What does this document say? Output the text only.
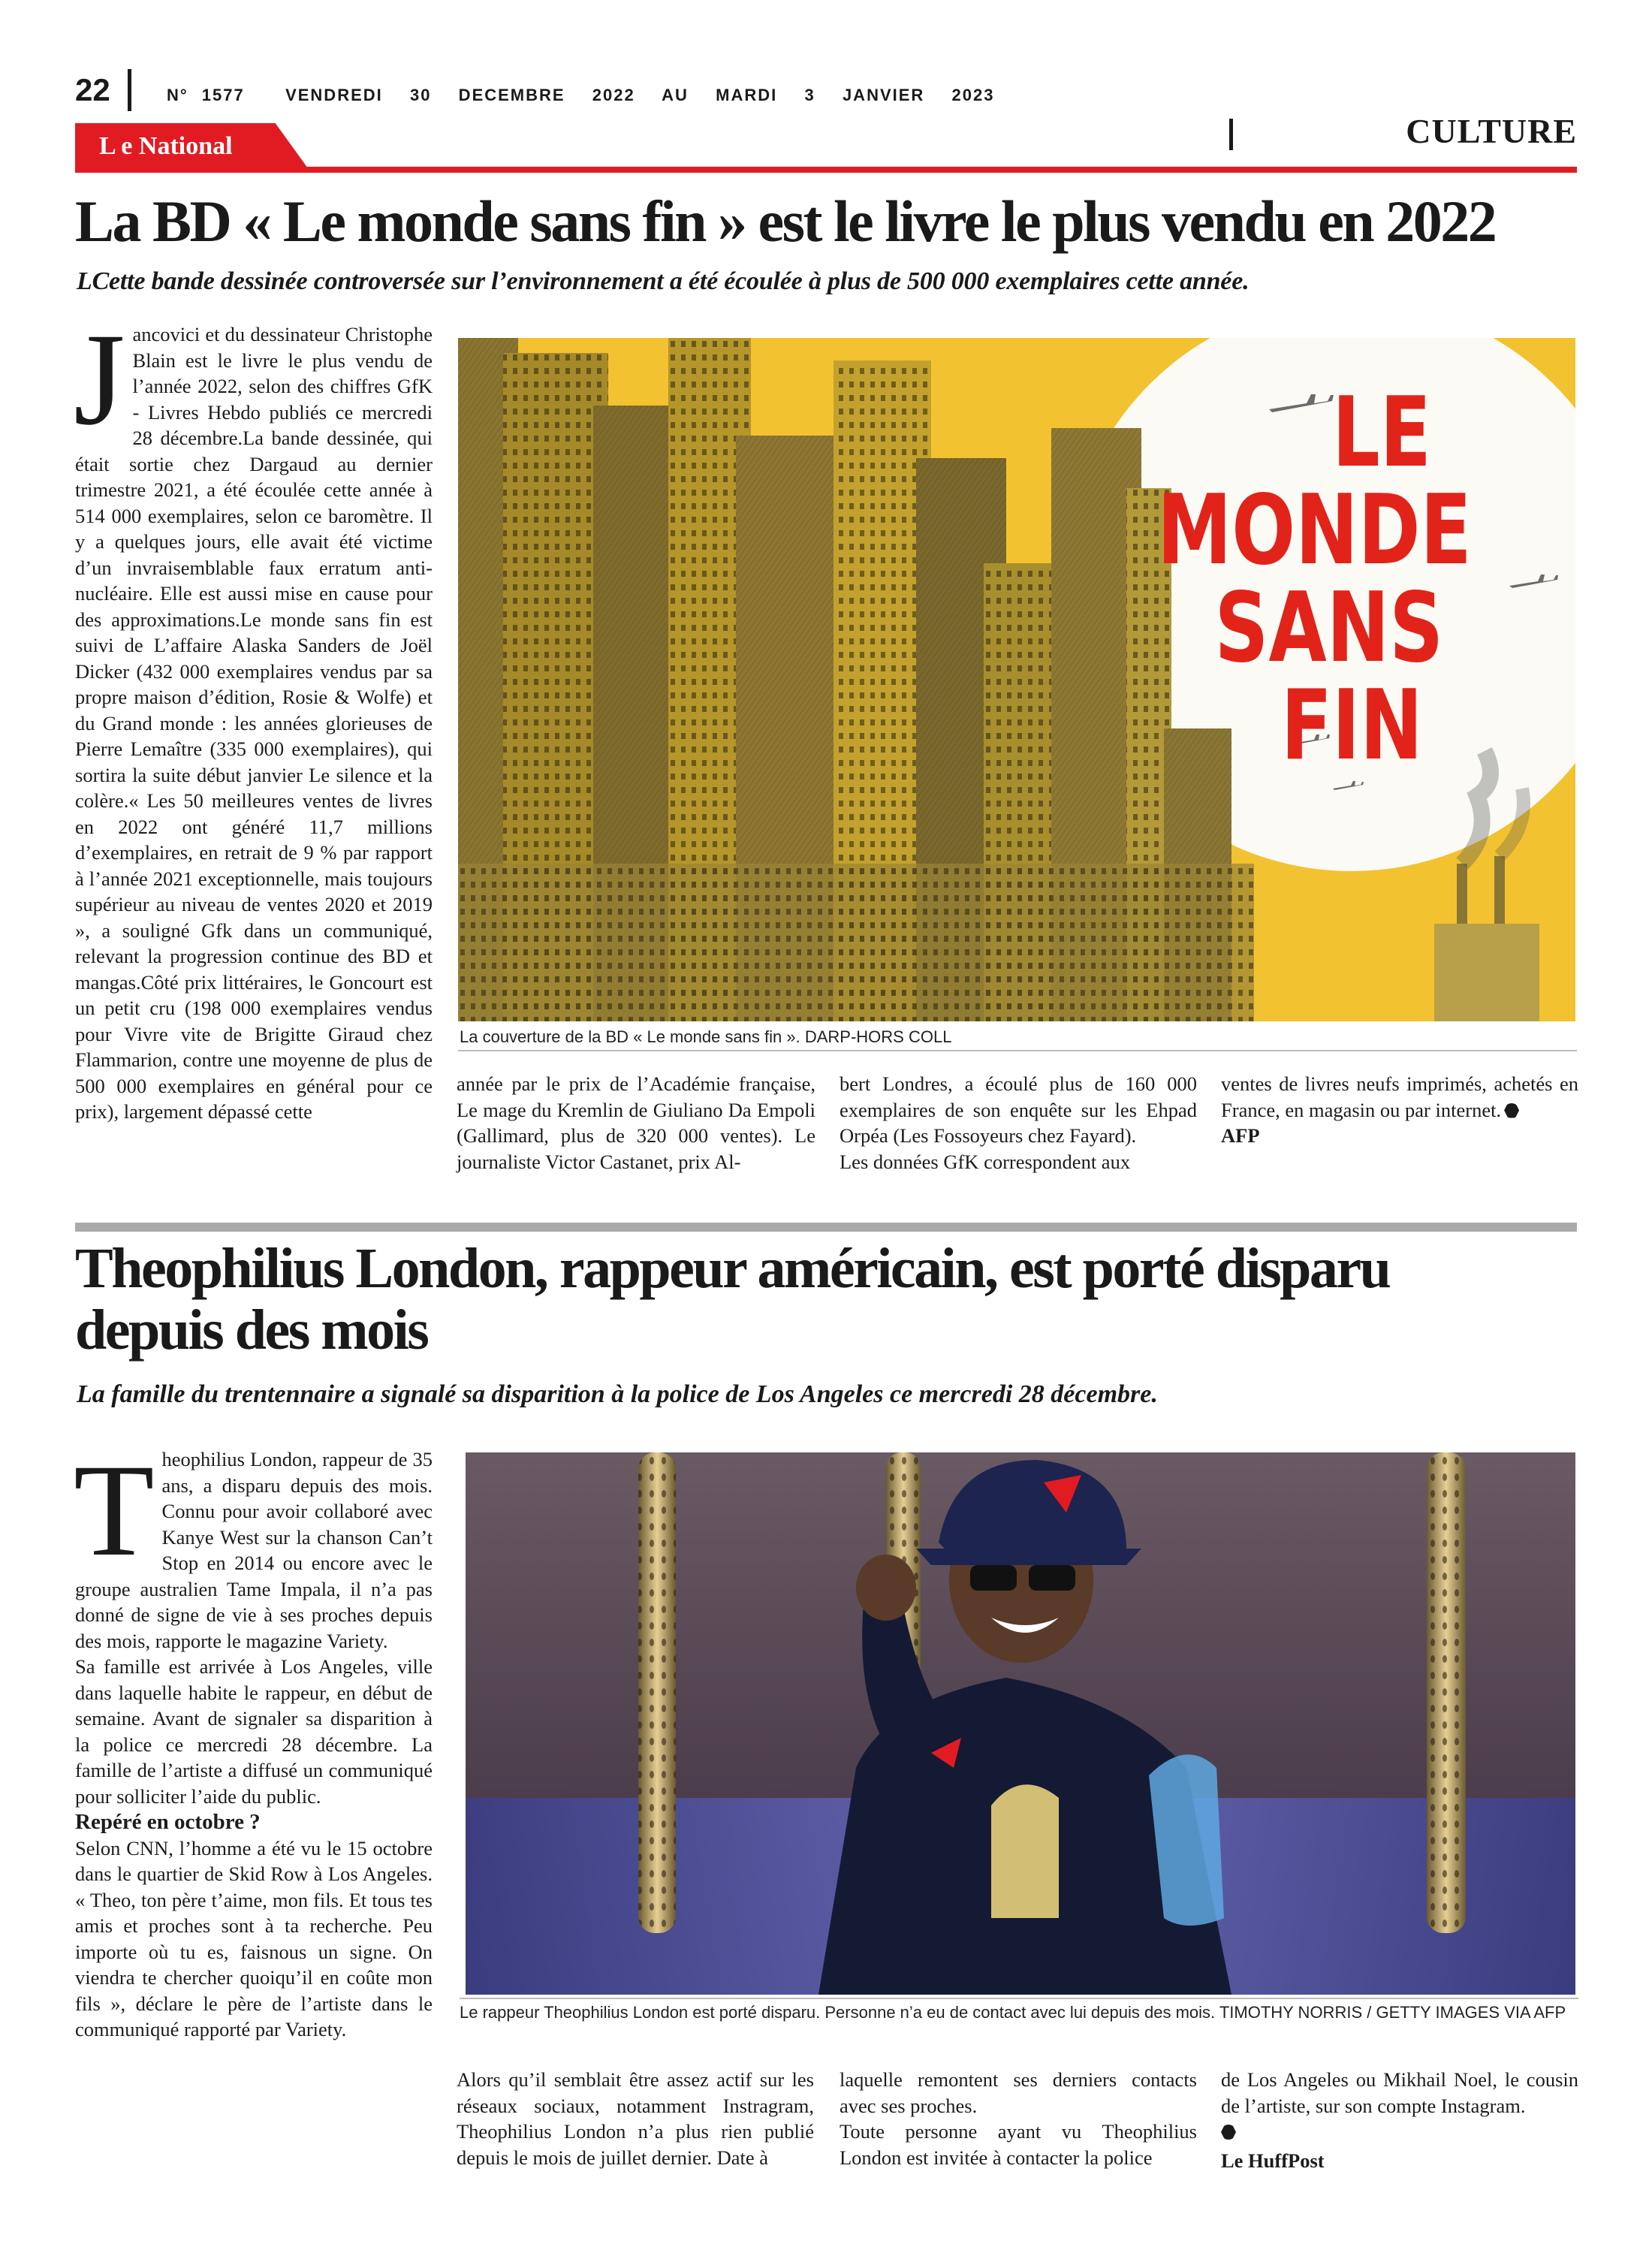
22	N° 1577   VENDREDI  30  DECEMBRE  2022  AU  MARDI  3  JANVIER  2023
L e National	CULTURE
La BD « Le monde sans fin » est le livre le plus vendu en 2022
LCette bande dessinée controversée sur l’environnement a été écoulée à plus de 500 000 exemplaires cette année.
J ancovici et du dessinateur Christophe Blain est le livre le plus vendu de l’année 2022, selon des chiffres GfK - Livres Hebdo publiés ce mercredi 28 décembre.La bande dessinée, qui était sortie chez Dargaud au dernier trimestre 2021, a été écoulée cette année à 514 000 exemplaires, selon ce baromètre. Il y a quelques jours, elle avait été victime d’un invraisemblable faux erratum anti-nucléaire. Elle est aussi mise en cause pour des approximations.Le monde sans fin est suivi de L’affaire Alaska Sanders de Joël Dicker (432 000 exemplaires vendus par sa propre maison d’édition, Rosie & Wolfe) et du Grand monde : les années glorieuses de Pierre Lemaître (335 000 exemplaires), qui sortira la suite début janvier Le silence et la colère.« Les 50 meilleures ventes de livres en 2022 ont généré 11,7 millions d’exemplaires, en retrait de 9 % par rapport à l’année 2021 exceptionnelle, mais toujours supérieur au niveau de ventes 2020 et 2019 », a souligné Gfk dans un communiqué, relevant la progression continue des BD et mangas.Côté prix littéraires, le Goncourt est un petit cru (198 000 exemplaires vendus pour Vivre vite de Brigitte Giraud chez Flammarion, contre une moyenne de plus de 500 000 exemplaires en général pour ce prix), largement dépassé cette
LE
MONDE
SANS
FIN
La couverture de la BD « Le monde sans fin ». DARP-HORS COLL
année par le prix de l’Académie française, Le mage du Kremlin de Giuliano Da Empoli (Gallimard, plus de 320 000 ventes). Le journaliste Victor Castanet, prix Al-

bert Londres, a écoulé plus de 160 000 exemplaires de son enquête sur les Ehpad Orpéa (Les Fossoyeurs chez Fayard).

Les données GfK correspondent aux

ventes de livres neufs imprimés, achetés en France, en magasin ou par internet.

AFP

Theophilius London, rappeur américain, est porté disparu
depuis des mois
La famille du trentennaire a signalé sa disparition à la police de Los Angeles ce mercredi 28 décembre.

T heophilius London, rappeur de 35 ans, a disparu depuis des mois. Connu pour avoir collaboré avec Kanye West sur la chanson Can’t Stop en 2014 ou encore avec le groupe australien Tame Impala, il n’a pas donné de signe de vie à ses proches depuis des mois, rapporte le magazine Variety.

Sa famille est arrivée à Los Angeles, ville dans laquelle habite le rappeur, en début de semaine. Avant de signaler sa disparition à la police ce mercredi 28 décembre. La famille de l’artiste a diffusé un communiqué pour solliciter l’aide du public.

Repéré en octobre ?

Selon CNN, l’homme a été vu le 15 octobre dans le quartier de Skid Row à Los Angeles. « Theo, ton père t’aime, mon fils. Et tous tes amis et proches sont à ta recherche. Peu importe où tu es, faisnous un signe. On viendra te chercher quoiqu’il en coûte mon fils », déclare le père de l’artiste dans le communiqué rapporté par Variety.

Le rappeur Theophilius London est porté disparu. Personne n’a eu de contact avec lui depuis des mois. TIMOTHY NORRIS / GETTY IMAGES VIA AFP
Alors qu’il semblait être assez actif sur les réseaux sociaux, notamment Instragram, Theophilius London n’a plus rien publié depuis le mois de juillet dernier. Date à

laquelle remontent ses derniers contacts avec ses proches.

Toute personne ayant vu Theophilius London est invitée à contacter la police

de Los Angeles ou Mikhail Noel, le cousin de l’artiste, sur son compte Instagram.

Le HuffPost
